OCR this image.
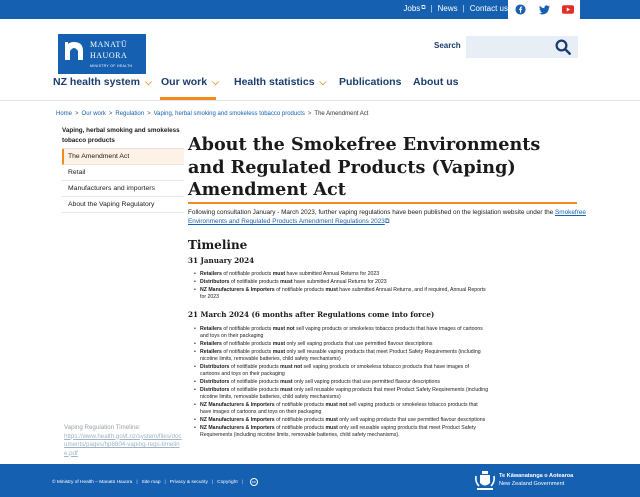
Jobs ⧉ | News | Contact us
MANATŪ
HAUORA
MINISTRY OF HEALTH
Search
NZ health system ⌵ Our work ⌵ Health statistics ⌵ Publications About us
Home > Our work > Regulation > Vaping, herbal smoking and smokeless tobacco products > The Amendment Act
Vaping, herbal smoking and smokeless tobacco products
The Amendment Act
Retail
Manufacturers and importers
About the Vaping Regulatory
Vaping Regulation Timeline:
https://www.health.govt.nz/system/files/documents/pages/hp8804-vaping-regs-timeline.pdf
About the Smokefree Environments and Regulated Products (Vaping) Amendment Act
Following consultation January - March 2023, further vaping regulations have been published on the legislation website under the Smokefree Environments and Regulated Products Amendment Regulations 2023⧉
Timeline
31 January 2024
• Retailers of notifiable products must have submitted Annual Returns for 2023
• Distributors of notifiable products must have submitted Annual Returns for 2023
• NZ Manufacturers & Importers of notifiable products must have submitted Annual Returns, and if required, Annual Reports for 2023
21 March 2024 (6 months after Regulations come into force)
• Retailers of notifiable products must not sell vaping products or smokeless tobacco products that have images of cartoons and toys on their packaging
• Retailers of notifiable products must only sell vaping products that use permitted flavour descriptions
• Retailers of notifiable products must only sell reusable vaping products that meet Product Safety Requirements (including nicotine limits, removable batteries, child safety mechanisms)
• Distributors of notifiable products must not sell vaping products or smokeless tobacco products that have images of cartoons and toys on their packaging
• Distributors of notifiable products must only sell vaping products that use permitted flavour descriptions
• Distributors of notifiable products must only sell reusable vaping products that meet Product Safety Requirements (including nicotine limits, removable batteries, child safety mechanisms)
• NZ Manufacturers & Importers of notifiable products must not sell vaping products or smokeless tobacco products that have images of cartoons and toys on their packaging
• NZ Manufacturers & Importers of notifiable products must only sell vaping products that use permitted flavour descriptions
• NZ Manufacturers & Importers of notifiable products must only sell reusable vaping products that meet Product Safety Requirements (including nicotine limits, removable batteries, child safety mechanisms).
© Ministry of Health – Manatū Hauora | Site map | Privacy & security | Copyright |	cc
Te Kāwanatanga o Aotearoa
New Zealand Government
